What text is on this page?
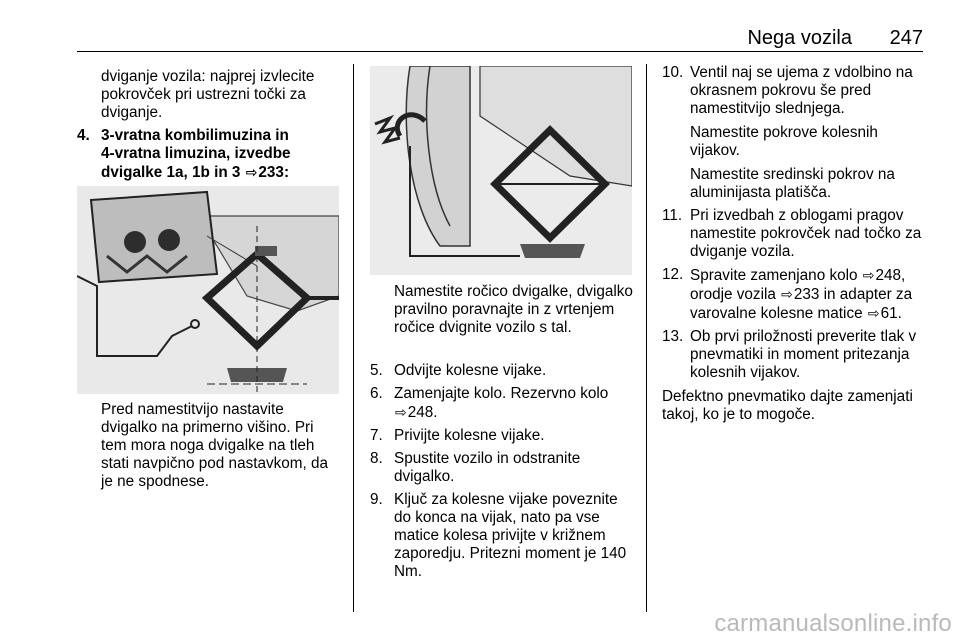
Nega vozila 247

dviganje vozila: najprej izvlecite pokrovček pri ustrezni točki za dviganje.

4. 3-vratna kombilimuzina in
4-vratna limuzina, izvedbe
dvigalke 1a, 1b in 3 ⇨233:

Pred namestitvijo nastavite dvigalko na primerno višino. Pri tem mora noga dvigalke na tleh stati navpično pod nastavkom, da je ne spodnese.

Namestite ročico dvigalke, dvigalko pravilno poravnajte in z vrtenjem ročice dvignite vozilo s tal.

5. Odvijte kolesne vijake.
6. Zamenjajte kolo. Rezervno kolo
⇨248.
7. Privijte kolesne vijake.
8. Spustite vozilo in odstranite dvigalko.
9. Ključ za kolesne vijake poveznite do konca na vijak, nato pa vse matice kolesa privijte v križnem zaporedju. Pritezni moment je 140 Nm.
10. Ventil naj se ujema z vdolbino na okrasnem pokrovu še pred namestitvijo slednjega.

Namestite pokrove kolesnih vijakov.

Namestite sredinski pokrov na aluminijasta platišča.

11. Pri izvedbah z oblogami pragov namestite pokrovček nad točko za dviganje vozila.
12. Spravite zamenjano kolo ⇨248,
orodje vozila ⇨233 in adapter za
varovalne kolesne matice ⇨61.
13. Ob prvi priložnosti preverite tlak v pnevmatiki in moment pritezanja kolesnih vijakov.

Defektno pnevmatiko dajte zamenjati takoj, ko je to mogoče.

carmanualsonline.info
